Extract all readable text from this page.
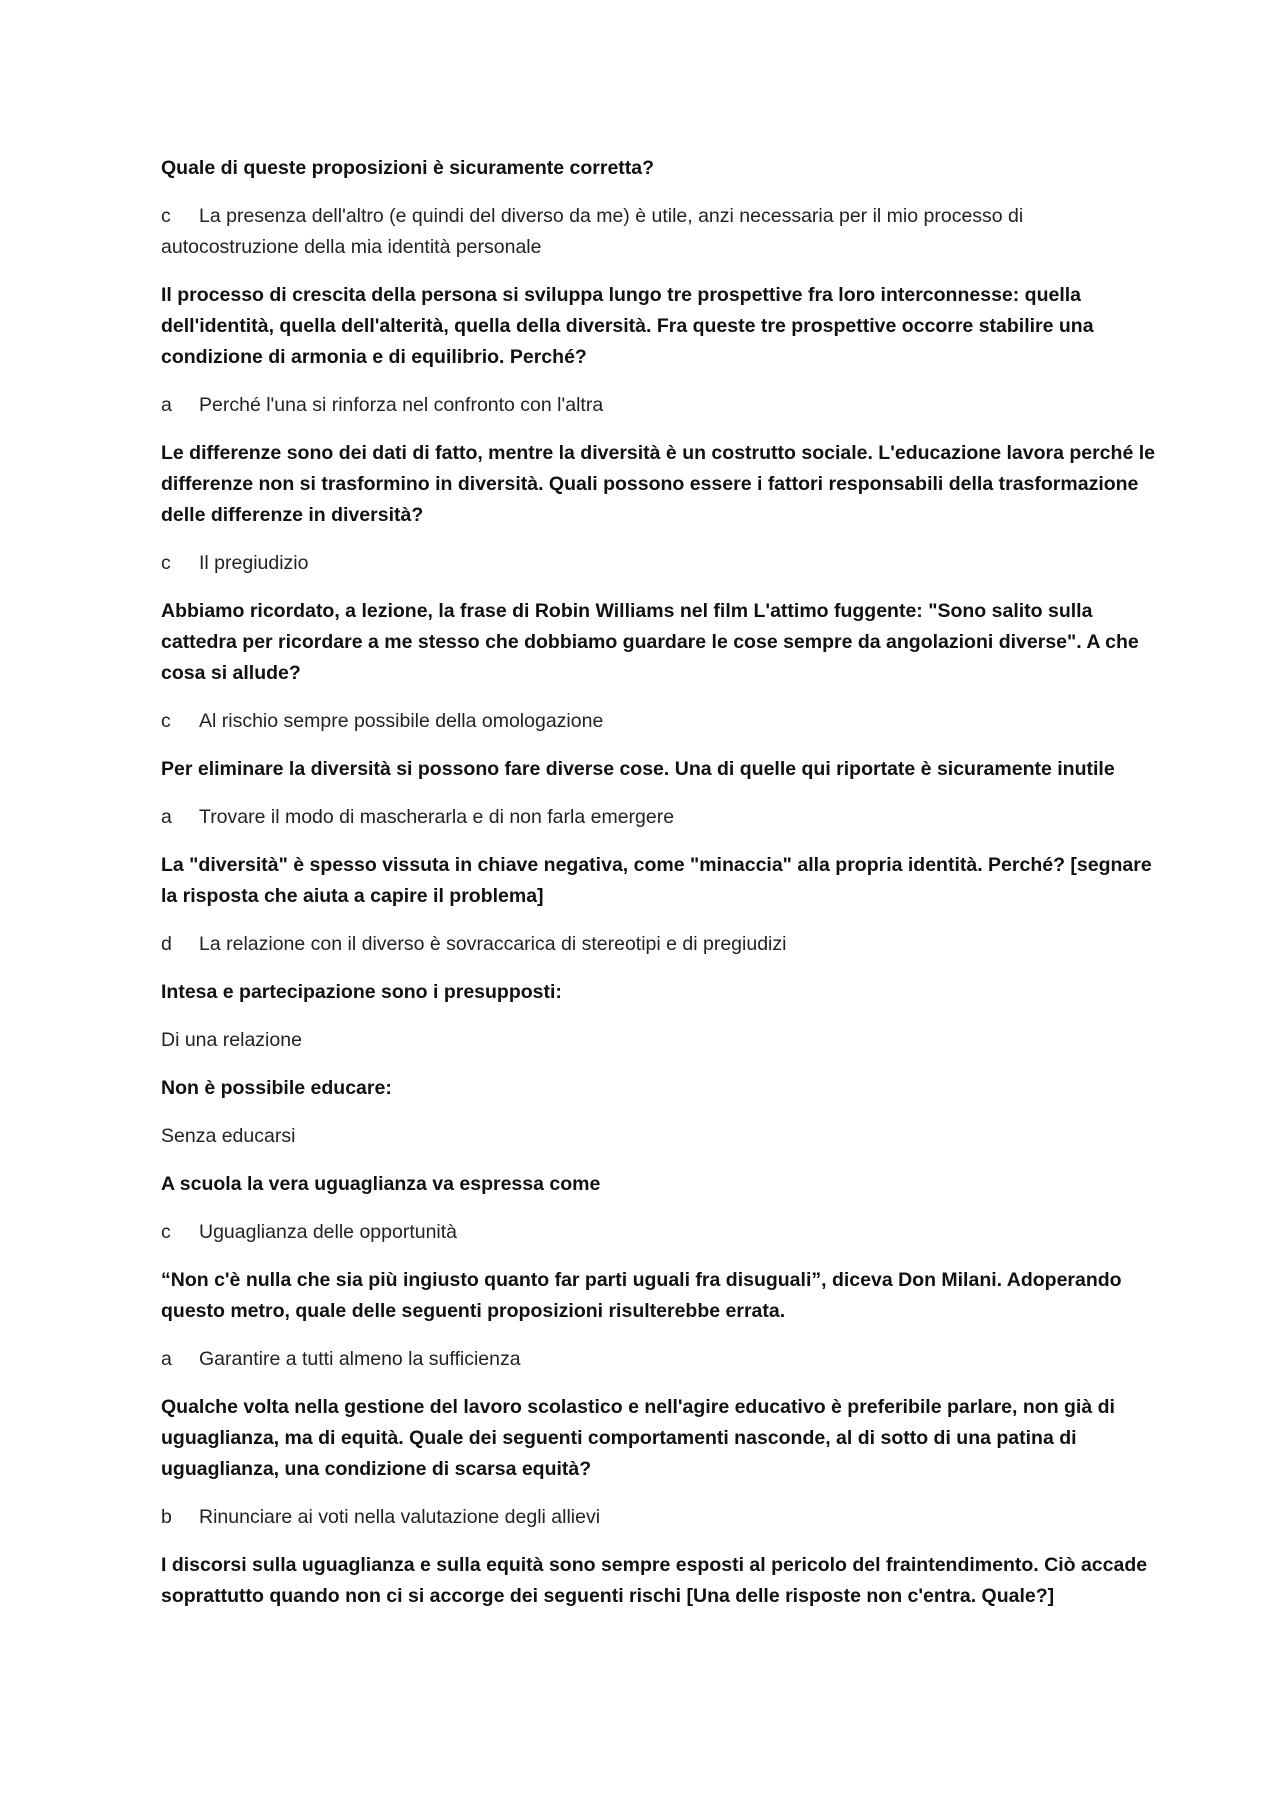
Quale di queste proposizioni è sicuramente corretta?

c La presenza dell'altro (e quindi del diverso da me) è utile, anzi necessaria per il mio processo di autocostruzione della mia identità personale

Il processo di crescita della persona si sviluppa lungo tre prospettive fra loro interconnesse: quella dell'identità, quella dell'alterità, quella della diversità. Fra queste tre prospettive occorre stabilire una condizione di armonia e di equilibrio. Perché?

a Perché l'una si rinforza nel confronto con l'altra

Le differenze sono dei dati di fatto, mentre la diversità è un costrutto sociale. L'educazione lavora perché le differenze non si trasformino in diversità. Quali possono essere i fattori responsabili della trasformazione delle differenze in diversità?

c Il pregiudizio

Abbiamo ricordato, a lezione, la frase di Robin Williams nel film L'attimo fuggente: "Sono salito sulla cattedra per ricordare a me stesso che dobbiamo guardare le cose sempre da angolazioni diverse". A che cosa si allude?

c Al rischio sempre possibile della omologazione

Per eliminare la diversità si possono fare diverse cose. Una di quelle qui riportate è sicuramente inutile

a Trovare il modo di mascherarla e di non farla emergere

La "diversità" è spesso vissuta in chiave negativa, come "minaccia" alla propria identità. Perché? [segnare la risposta che aiuta a capire il problema]

d La relazione con il diverso è sovraccarica di stereotipi e di pregiudizi

Intesa e partecipazione sono i presupposti:

Di una relazione

Non è possibile educare:

Senza educarsi

A scuola la vera uguaglianza va espressa come

c Uguaglianza delle opportunità

“Non c'è nulla che sia più ingiusto quanto far parti uguali fra disuguali”, diceva Don Milani. Adoperando questo metro, quale delle seguenti proposizioni risulterebbe errata.

a Garantire a tutti almeno la sufficienza

Qualche volta nella gestione del lavoro scolastico e nell'agire educativo è preferibile parlare, non già di uguaglianza, ma di equità. Quale dei seguenti comportamenti nasconde, al di sotto di una patina di uguaglianza, una condizione di scarsa equità?

b Rinunciare ai voti nella valutazione degli allievi

I discorsi sulla uguaglianza e sulla equità sono sempre esposti al pericolo del fraintendimento. Ciò accade soprattutto quando non ci si accorge dei seguenti rischi [Una delle risposte non c'entra. Quale?]
